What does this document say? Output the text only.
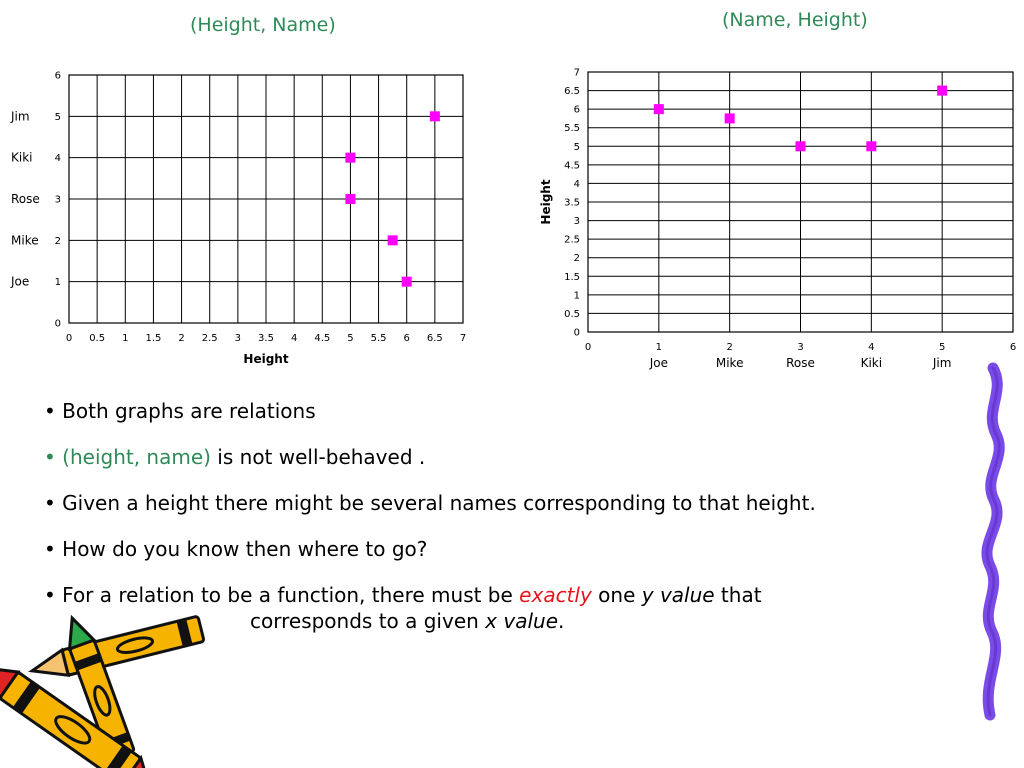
(Height, Name)	(Name, Height)
0 0.5 1 1.5 2 2.5 3 3.5 4 4.5 5 5.5 6 6.5 7
0
1
2
3
4
5
6
Joe
Mike
Rose
Kiki
Jim
Height
0	1	2	3	4	5	6
0
0.5
1
1.5
2
2.5
3
3.5
4
4.5
5
5.5
6
6.5
7
Joe	Mike	Rose	Kiki	Jim
Height
• Both graphs are relations
• (height, name) is not well-behaved .
• Given a height there might be several names corresponding to that height.
• How do you know then where to go?
• For a relation to be a function, there must be exactly one y value that
corresponds to a given x value.
